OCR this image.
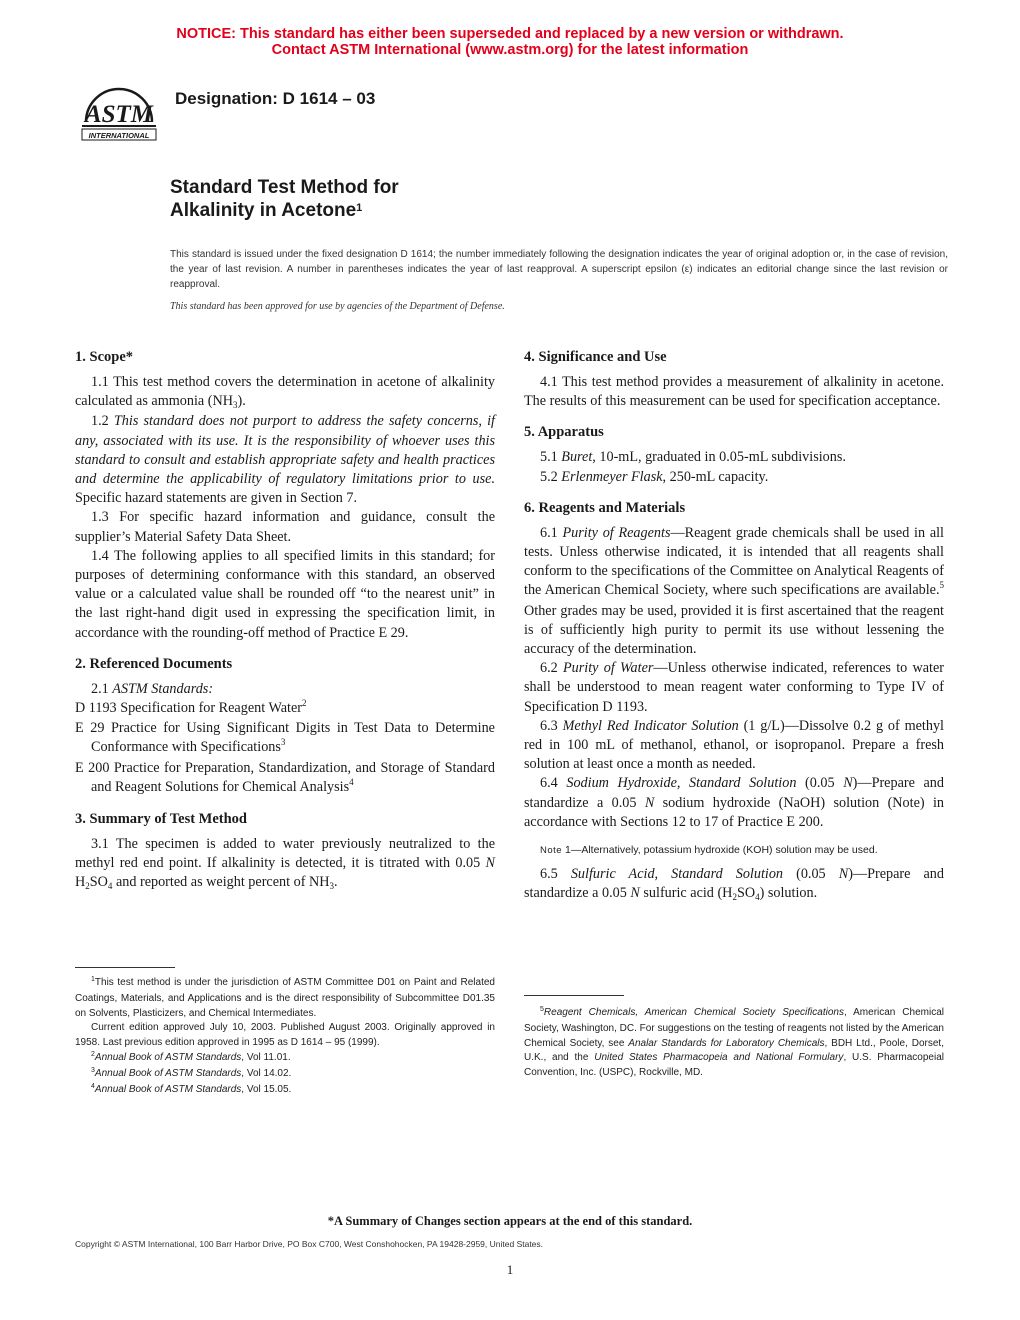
NOTICE: This standard has either been superseded and replaced by a new version or withdrawn.
Contact ASTM International (www.astm.org) for the latest information
ASTM
INTERNATIONAL
Designation: D 1614 – 03
Standard Test Method for
Alkalinity in Acetone$^1$
This standard is issued under the fixed designation D 1614; the number immediately following the designation indicates the year of original adoption or, in the case of revision, the year of last revision. A number in parentheses indicates the year of last reapproval. A superscript epsilon (ε) indicates an editorial change since the last revision or reapproval.
This standard has been approved for use by agencies of the Department of Defense.
1. Scope*

1.1 This test method covers the determination in acetone of alkalinity calculated as ammonia $(NH_3)$.

1.2 This standard does not purport to address the safety concerns, if any, associated with its use. It is the responsibility of whoever uses this standard to consult and establish appropriate safety and health practices and determine the applicability of regulatory limitations prior to use. Specific hazard statements are given in Section 7.

1.3 For specific hazard information and guidance, consult the supplier’s Material Safety Data Sheet.

1.4 The following applies to all specified limits in this standard; for purposes of determining conformance with this standard, an observed value or a calculated value shall be rounded off “to the nearest unit” in the last right-hand digit used in expressing the specification limit, in accordance with the rounding-off method of Practice E 29.

2. Referenced Documents

2.1 ASTM Standards:

D 1193 Specification for Reagent Water$^2$

E 29 Practice for Using Significant Digits in Test Data to Determine Conformance with Specifications$^3$

E 200 Practice for Preparation, Standardization, and Storage of Standard and Reagent Solutions for Chemical Analysis$^4$

3. Summary of Test Method

3.1 The specimen is added to water previously neutralized to the methyl red end point. If alkalinity is detected, it is titrated with 0.05 N $H_2SO_4$ and reported as weight percent of $NH_3$.

$^1$This test method is under the jurisdiction of ASTM Committee D01 on Paint and Related Coatings, Materials, and Applications and is the direct responsibility of Subcommittee D01.35 on Solvents, Plasticizers, and Chemical Intermediates.

Current edition approved July 10, 2003. Published August 2003. Originally approved in 1958. Last previous edition approved in 1995 as D 1614 – 95 (1999).

$^2$Annual Book of ASTM Standards, Vol 11.01.

$^3$Annual Book of ASTM Standards, Vol 14.02.

$^4$Annual Book of ASTM Standards, Vol 15.05.

4. Significance and Use

4.1 This test method provides a measurement of alkalinity in acetone. The results of this measurement can be used for specification acceptance.

5. Apparatus

5.1 Buret, 10-mL, graduated in 0.05-mL subdivisions.

5.2 Erlenmeyer Flask, 250-mL capacity.

6. Reagents and Materials

6.1 Purity of Reagents—Reagent grade chemicals shall be used in all tests. Unless otherwise indicated, it is intended that all reagents shall conform to the specifications of the Committee on Analytical Reagents of the American Chemical Society, where such specifications are available.$^5$ Other grades may be used, provided it is first ascertained that the reagent is of sufficiently high purity to permit its use without lessening the accuracy of the determination.

6.2 Purity of Water—Unless otherwise indicated, references to water shall be understood to mean reagent water conforming to Type IV of Specification D 1193.

6.3 Methyl Red Indicator Solution (1 g/L)—Dissolve 0.2 g of methyl red in 100 mL of methanol, ethanol, or isopropanol. Prepare a fresh solution at least once a month as needed.

6.4 Sodium Hydroxide, Standard Solution (0.05 N)—Prepare and standardize a 0.05 N sodium hydroxide (NaOH) solution (Note) in accordance with Sections 12 to 17 of Practice E 200.

Note 1—Alternatively, potassium hydroxide (KOH) solution may be used.

6.5 Sulfuric Acid, Standard Solution (0.05 N)—Prepare and standardize a 0.05 N sulfuric acid $(H_2SO_4)$ solution.

$^5$Reagent Chemicals, American Chemical Society Specifications, American Chemical Society, Washington, DC. For suggestions on the testing of reagents not listed by the American Chemical Society, see Analar Standards for Laboratory Chemicals, BDH Ltd., Poole, Dorset, U.K., and the United States Pharmacopeia and National Formulary, U.S. Pharmacopeial Convention, Inc. (USPC), Rockville, MD.

*A Summary of Changes section appears at the end of this standard.
Copyright © ASTM International, 100 Barr Harbor Drive, PO Box C700, West Conshohocken, PA 19428-2959, United States.
1
